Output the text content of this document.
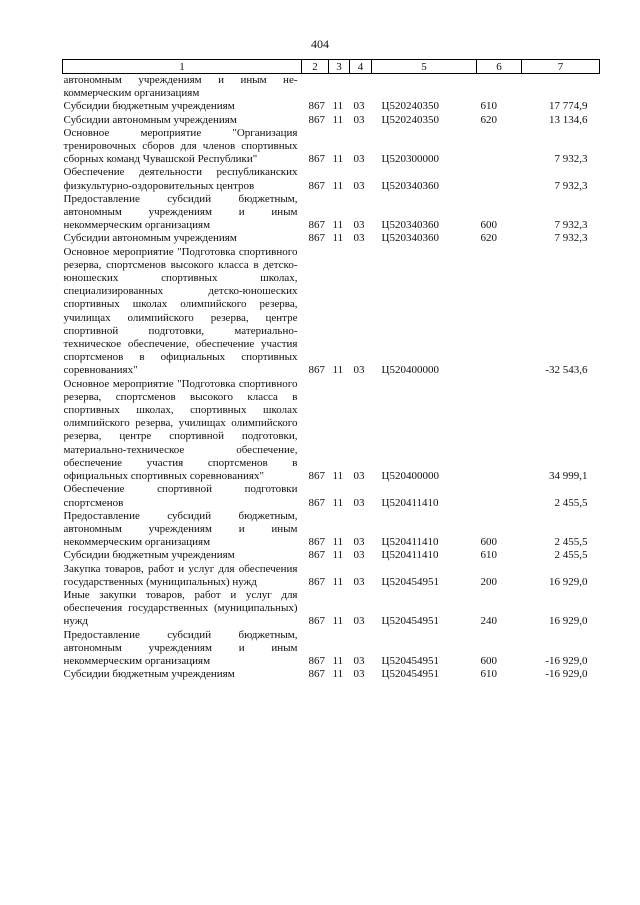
404
1	2	3	4	5	6	7
автономным учреждениям и иным не-коммерческим организациям						
Субсидии бюджетным учреждениям	867	11	03	Ц520240350	610	17 774,9
Субсидии автономным учреждениям	867	11	03	Ц520240350	620	13 134,6
Основное мероприятие "Организация тренировочных сборов для членов спортивных сборных команд Чувашской Республики"	867	11	03	Ц520300000		7 932,3
Обеспечение деятельности республиканских физкультурно-оздоровительных центров	867	11	03	Ц520340360		7 932,3
Предоставление субсидий бюджетным, автономным учреждениям и иным некоммерческим организациям	867	11	03	Ц520340360	600	7 932,3
Субсидии автономным учреждениям	867	11	03	Ц520340360	620	7 932,3
Основное мероприятие "Подготовка спортивного резерва, спортсменов высокого класса в детско-юношеских спортивных школах, специализированных детско-юношеских спортивных школах олимпийского резерва, училищах олимпийского резерва, центре спортивной подготовки, материально-техническое обеспечение, обеспечение участия спортсменов в официальных спортивных соревнованиях"	867	11	03	Ц520400000		-32 543,6
Основное мероприятие "Подготовка спортивного резерва, спортсменов высокого класса в спортивных школах, спортивных школах олимпийского резерва, училищах олимпийского резерва, центре спортивной подготовки, материально-техническое обеспечение, обеспечение участия спортсменов в официальных спортивных соревнованиях"	867	11	03	Ц520400000		34 999,1
Обеспечение спортивной подготовки спортсменов	867	11	03	Ц520411410		2 455,5
Предоставление субсидий бюджетным, автономным учреждениям и иным некоммерческим организациям	867	11	03	Ц520411410	600	2 455,5
Субсидии бюджетным учреждениям	867	11	03	Ц520411410	610	2 455,5
Закупка товаров, работ и услуг для обеспечения государственных (муниципальных) нужд	867	11	03	Ц520454951	200	16 929,0
Иные закупки товаров, работ и услуг для обеспечения государственных (муниципальных) нужд	867	11	03	Ц520454951	240	16 929,0
Предоставление субсидий бюджетным, автономным учреждениям и иным некоммерческим организациям	867	11	03	Ц520454951	600	-16 929,0
Субсидии бюджетным учреждениям	867	11	03	Ц520454951	610	-16 929,0
